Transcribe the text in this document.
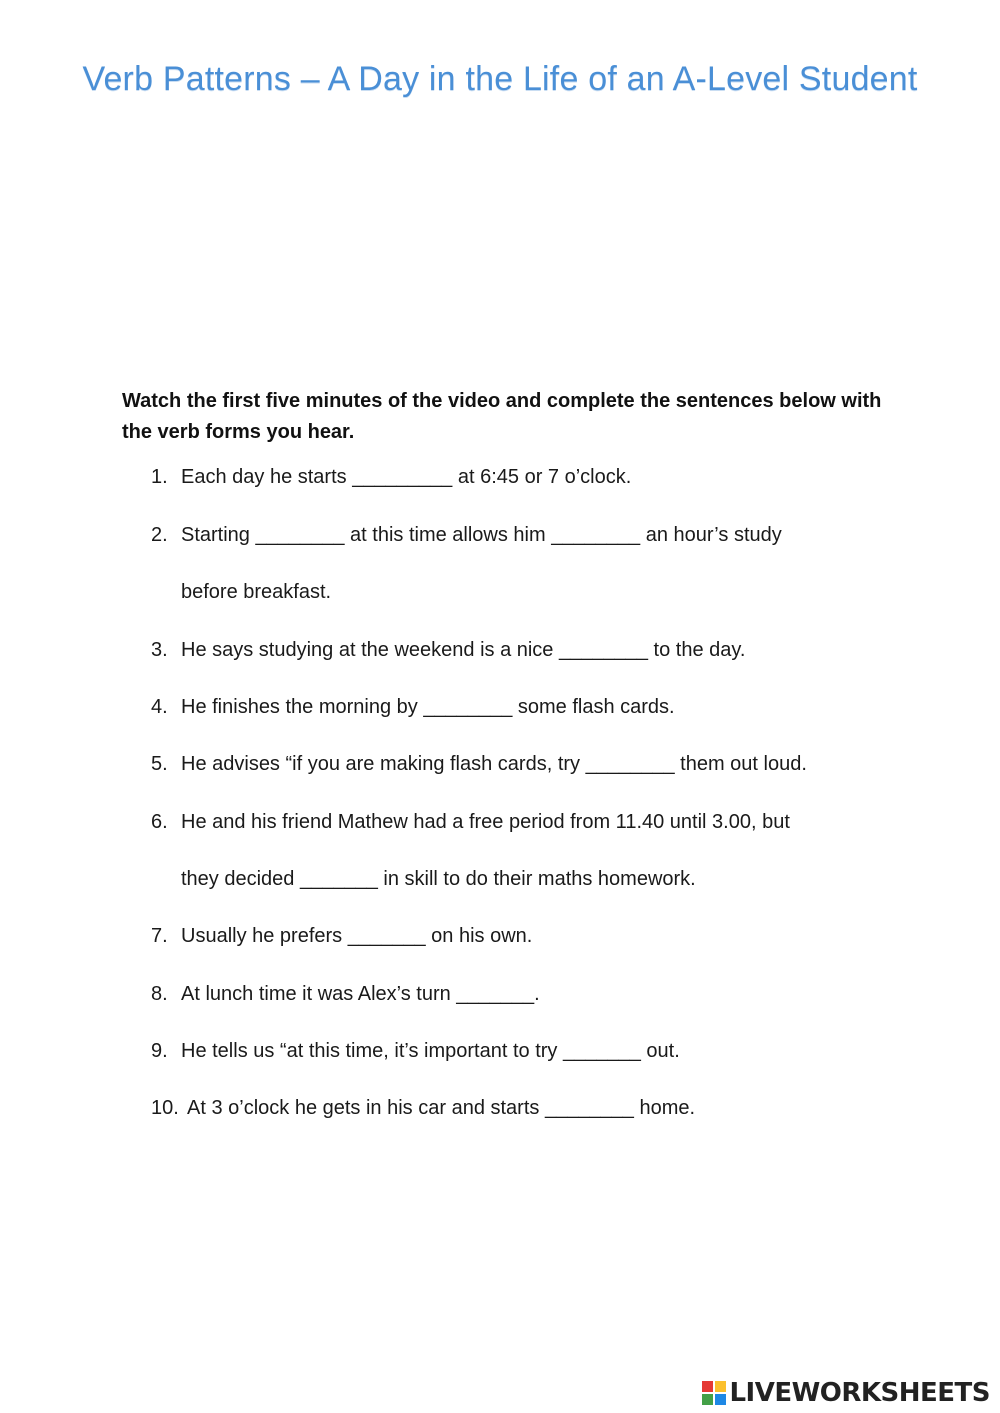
Verb Patterns – A Day in the Life of an A-Level Student
Watch the first five minutes of the video and complete the sentences below with the verb forms you hear.
1. Each day he starts _________ at 6:45 or 7 o’clock.
2. Starting ________ at this time allows him ________ an hour’s study
before breakfast.
3. He says studying at the weekend is a nice ________ to the day.
4. He finishes the morning by ________ some flash cards.
5. He advises “if you are making flash cards, try ________ them out loud.
6. He and his friend Mathew had a free period from 11.40 until 3.00, but
they decided _______ in skill to do their maths homework.
7. Usually he prefers _______ on his own.
8. At lunch time it was Alex’s turn _______.
9. He tells us “at this time, it’s important to try _______ out.
10. At 3 o’clock he gets in his car and starts ________ home.
LIVEWORKSHEETS
